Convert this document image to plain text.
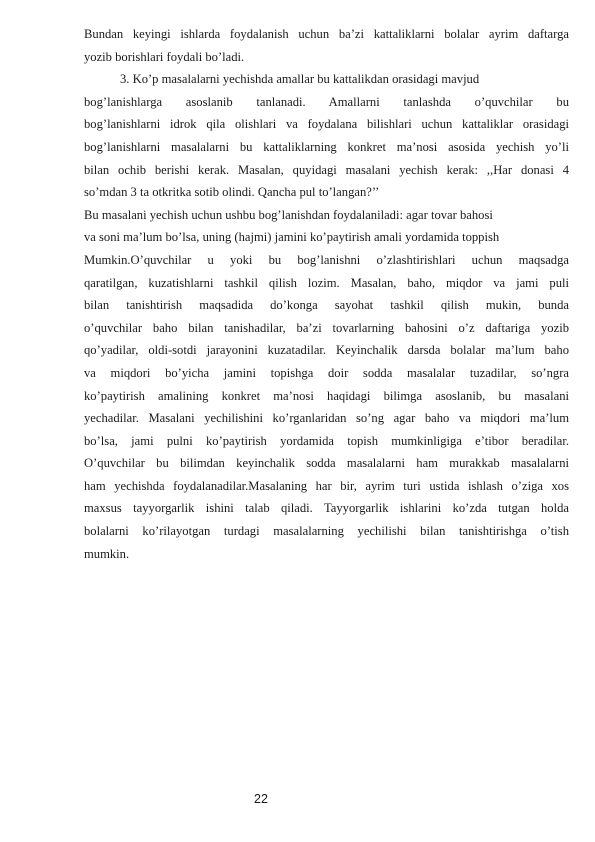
Bundan keyingi ishlarda foydalanish uchun ba’zi kattaliklarni bolalar ayrim daftarga
yozib borishlari foydali bo’ladi.
3. Ko’p masalalarni yechishda amallar bu kattalikdan orasidagi mavjud
bog’lanishlarga asoslanib tanlanadi. Amallarni tanlashda o’quvchilar bu
bog’lanishlarni idrok qila olishlari va foydalana bilishlari uchun kattaliklar orasidagi
bog’lanishlarni masalalarni bu kattaliklarning konkret ma’nosi asosida yechish yo’li
bilan ochib berishi kerak. Masalan, quyidagi masalani yechish kerak: ,,Har donasi 4
so’mdan 3 ta otkritka sotib olindi. Qancha pul to’langan?’’
Bu masalani yechish uchun ushbu bog’lanishdan foydalaniladi: agar tovar bahosi
va soni ma’lum bo’lsa, uning (hajmi) jamini ko’paytirish amali yordamida toppish
Mumkin.O’quvchilar u yoki bu bog’lanishni o’zlashtirishlari uchun maqsadga
qaratilgan, kuzatishlarni tashkil qilish lozim. Masalan, baho, miqdor va jami puli
bilan tanishtirish maqsadida do’konga sayohat tashkil qilish mukin, bunda
o’quvchilar baho bilan tanishadilar, ba’zi tovarlarning bahosini o’z daftariga yozib
qo’yadilar, oldi-sotdi jarayonini kuzatadilar. Keyinchalik darsda bolalar ma’lum baho
va miqdori bo’yicha jamini topishga doir sodda masalalar tuzadilar, so’ngra
ko’paytirish amalining konkret ma’nosi haqidagi bilimga asoslanib, bu masalani
yechadilar. Masalani yechilishini ko’rganlaridan so’ng agar baho va miqdori ma’lum
bo’lsa, jami pulni ko’paytirish yordamida topish mumkinligiga e’tibor beradilar.
O’quvchilar bu bilimdan keyinchalik sodda masalalarni ham murakkab masalalarni
ham yechishda foydalanadilar.Masalaning har bir, ayrim turi ustida ishlash o’ziga xos
maxsus tayyorgarlik ishini talab qiladi. Tayyorgarlik ishlarini ko’zda tutgan holda
bolalarni ko’rilayotgan turdagi masalalarning yechilishi bilan tanishtirishga o’tish
mumkin.
22
